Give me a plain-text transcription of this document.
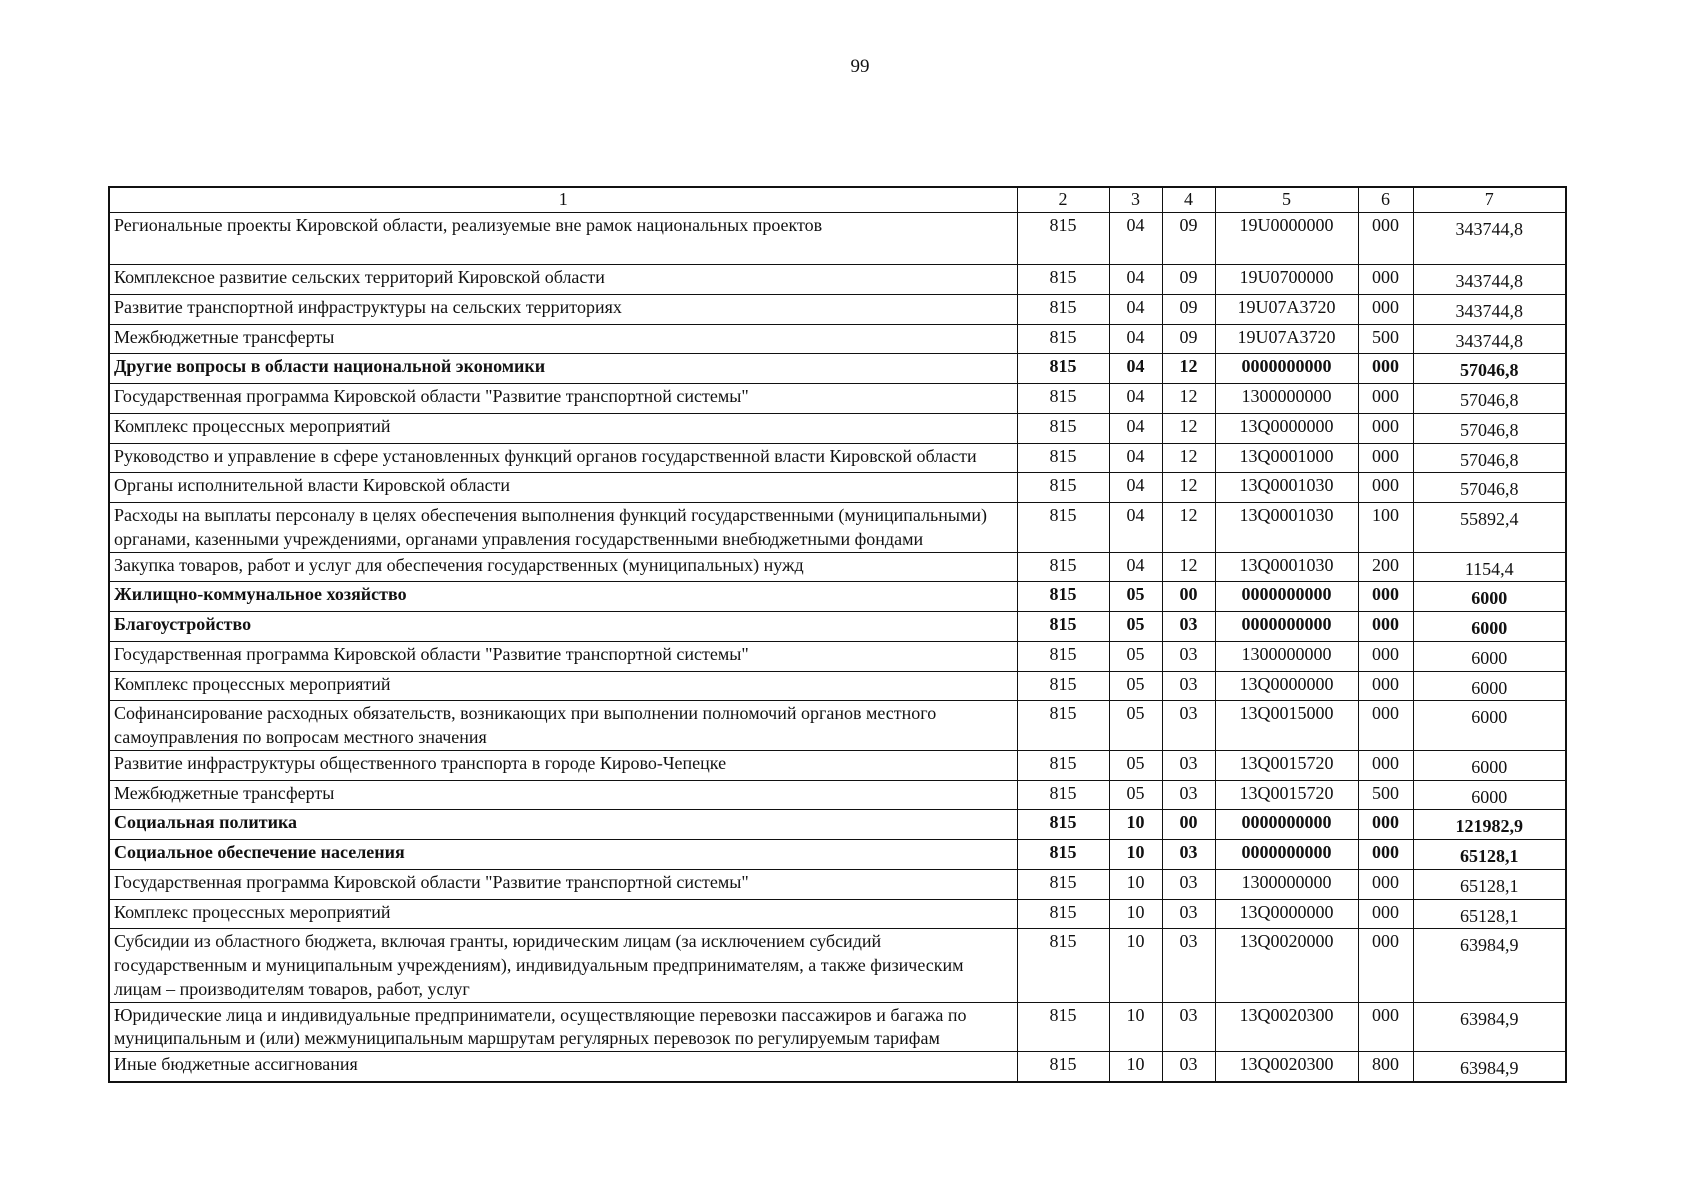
99
1	2	3	4	5	6	7
Региональные проекты Кировской области, реализуемые вне рамок национальных проектов	815	04	09	19U0000000	000	343744,8
Комплексное развитие сельских территорий Кировской области	815	04	09	19U0700000	000	343744,8
Развитие транспортной инфраструктуры на сельских территориях	815	04	09	19U07A3720	000	343744,8
Межбюджетные трансферты	815	04	09	19U07A3720	500	343744,8
Другие вопросы в области национальной экономики	815	04	12	0000000000	000	57046,8
Государственная программа Кировской области "Развитие транспортной системы"	815	04	12	1300000000	000	57046,8
Комплекс процессных мероприятий	815	04	12	13Q0000000	000	57046,8
Руководство и управление в сфере установленных функций органов государственной власти Кировской области	815	04	12	13Q0001000	000	57046,8
Органы исполнительной власти Кировской области	815	04	12	13Q0001030	000	57046,8
Расходы на выплаты персоналу в целях обеспечения выполнения функций государственными (муниципальными) органами, казенными учреждениями, органами управления государственными внебюджетными фондами	815	04	12	13Q0001030	100	55892,4
Закупка товаров, работ и услуг для обеспечения государственных (муниципальных) нужд	815	04	12	13Q0001030	200	1154,4
Жилищно-коммунальное хозяйство	815	05	00	0000000000	000	6000
Благоустройство	815	05	03	0000000000	000	6000
Государственная программа Кировской области "Развитие транспортной системы"	815	05	03	1300000000	000	6000
Комплекс процессных мероприятий	815	05	03	13Q0000000	000	6000
Софинансирование расходных обязательств, возникающих при выполнении полномочий органов местного самоуправления по вопросам местного значения	815	05	03	13Q0015000	000	6000
Развитие инфраструктуры общественного транспорта в городе Кирово-Чепецке	815	05	03	13Q0015720	000	6000
Межбюджетные трансферты	815	05	03	13Q0015720	500	6000
Социальная политика	815	10	00	0000000000	000	121982,9
Социальное обеспечение населения	815	10	03	0000000000	000	65128,1
Государственная программа Кировской области "Развитие транспортной системы"	815	10	03	1300000000	000	65128,1
Комплекс процессных мероприятий	815	10	03	13Q0000000	000	65128,1
Субсидии из областного бюджета, включая гранты, юридическим лицам (за исключением субсидий государственным и муниципальным учреждениям), индивидуальным предпринимателям, а также физическим лицам – производителям товаров, работ, услуг	815	10	03	13Q0020000	000	63984,9
Юридические лица и индивидуальные предприниматели, осуществляющие перевозки пассажиров и багажа по муниципальным и (или) межмуниципальным маршрутам регулярных перевозок по регулируемым тарифам	815	10	03	13Q0020300	000	63984,9
Иные бюджетные ассигнования	815	10	03	13Q0020300	800	63984,9
